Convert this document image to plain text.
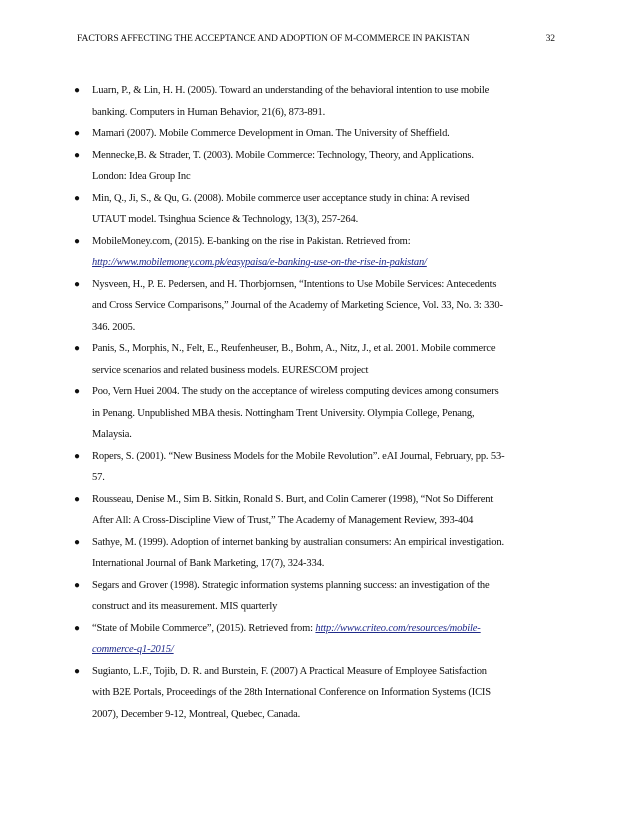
FACTORS AFFECTING THE ACCEPTANCE AND ADOPTION OF M-COMMERCE IN PAKISTAN	32
● Luarn, P., & Lin, H. H. (2005). Toward an understanding of the behavioral intention to use mobile
banking. Computers in Human Behavior, 21(6), 873-891.
● Mamari (2007). Mobile Commerce Development in Oman. The University of Sheffield.
● Mennecke,B. & Strader, T. (2003). Mobile Commerce: Technology, Theory, and Applications.
London: Idea Group Inc
● Min, Q., Ji, S., & Qu, G. (2008). Mobile commerce user acceptance study in china: A revised
UTAUT model. Tsinghua Science & Technology, 13(3), 257-264.
● MobileMoney.com, (2015). E-banking on the rise in Pakistan. Retrieved from:
http://www.mobilemoney.com.pk/easypaisa/e-banking-use-on-the-rise-in-pakistan/
● Nysveen, H., P. E. Pedersen, and H. Thorbjornsen, “Intentions to Use Mobile Services: Antecedents
and Cross Service Comparisons,” Journal of the Academy of Marketing Science, Vol. 33, No. 3: 330-
346. 2005.
● Panis, S., Morphis, N., Felt, E., Reufenheuser, B., Bohm, A., Nitz, J., et al. 2001. Mobile commerce
service scenarios and related business models. EURESCOM project
● Poo, Vern Huei 2004. The study on the acceptance of wireless computing devices among consumers
in Penang. Unpublished MBA thesis. Nottingham Trent University. Olympia College, Penang,
Malaysia.
● Ropers, S. (2001). “New Business Models for the Mobile Revolution”. eAI Journal, February, pp. 53-
57.
● Rousseau, Denise M., Sim B. Sitkin, Ronald S. Burt, and Colin Camerer (1998), “Not So Different
After All: A Cross-Discipline View of Trust,” The Academy of Management Review, 393-404
● Sathye, M. (1999). Adoption of internet banking by australian consumers: An empirical investigation.
International Journal of Bank Marketing, 17(7), 324-334.
● Segars and Grover (1998). Strategic information systems planning success: an investigation of the
construct and its measurement. MIS quarterly
● “State of Mobile Commerce”, (2015). Retrieved from: http://www.criteo.com/resources/mobile-
commerce-q1-2015/
● Sugianto, L.F., Tojib, D. R. and Burstein, F. (2007) A Practical Measure of Employee Satisfaction
with B2E Portals, Proceedings of the 28th International Conference on Information Systems (ICIS
2007), December 9-12, Montreal, Quebec, Canada.
